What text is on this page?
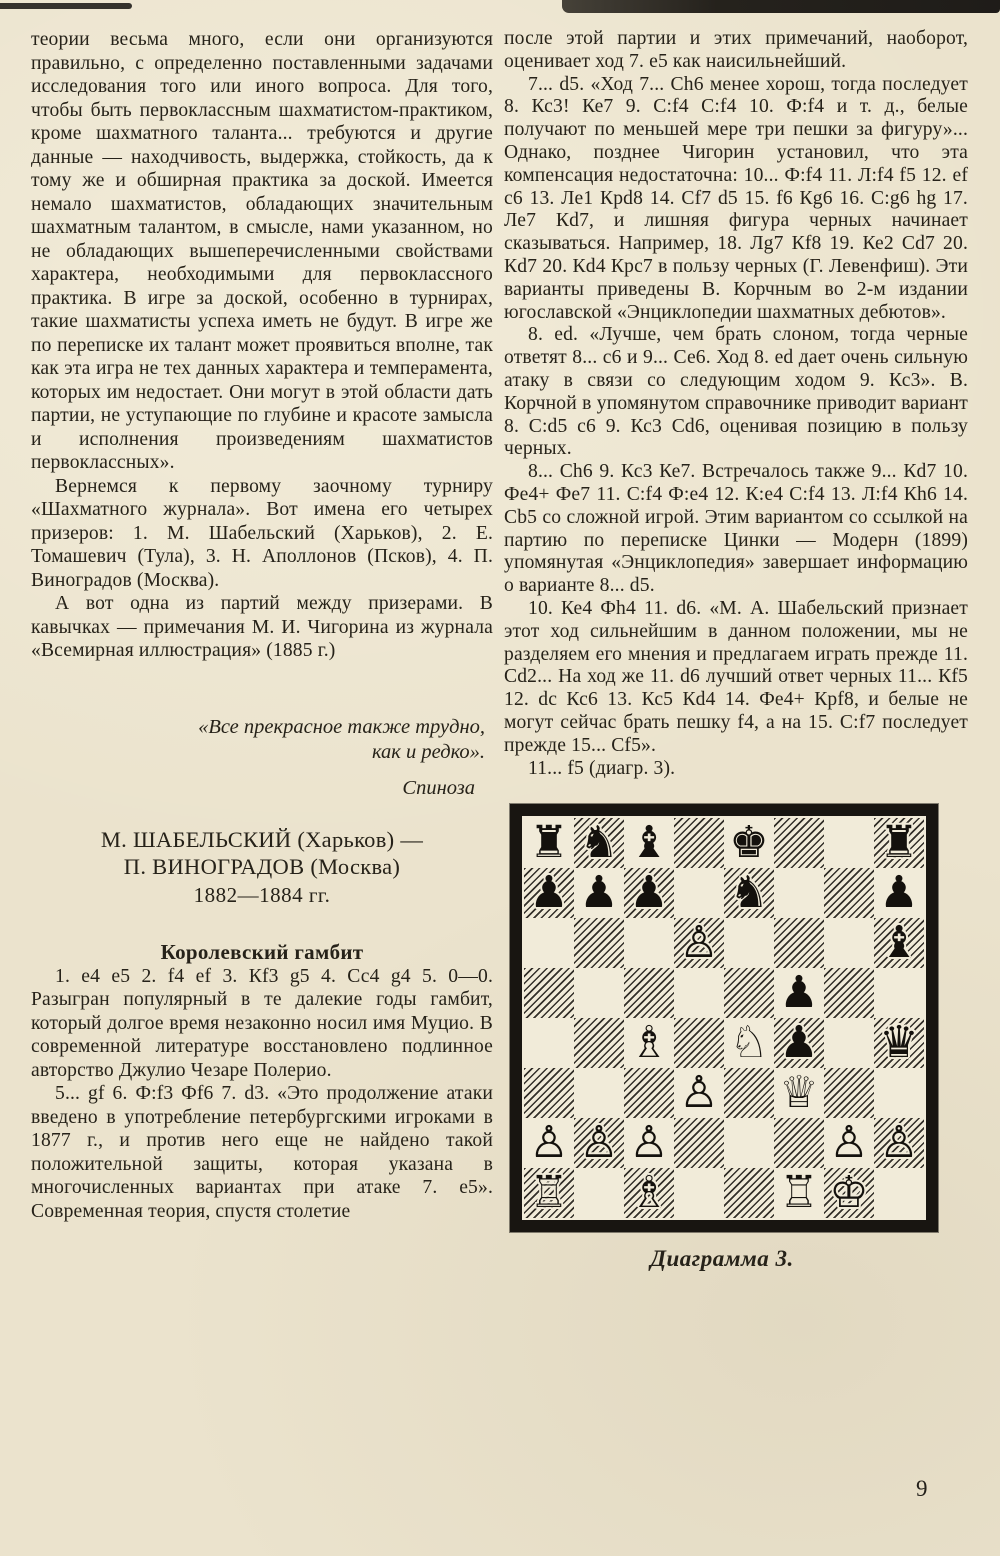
теории весьма много, если они организуются правильно, с определенно поставленными задачами исследования того или иного вопроса. Для того, чтобы быть первоклассным шахматистом-практиком, кроме шахматного таланта... требуются и другие данные — находчивость, выдержка, стойкость, да к тому же и обширная практика за доской. Имеется немало шахматистов, обладающих значительным шахматным талантом, в смысле, нами указанном, но не обладающих вышеперечисленными свойствами характера, необходимыми для первоклассного практика. В игре за доской, особенно в турнирах, такие шахматисты успеха иметь не будут. В игре же по переписке их талант может проявиться вполне, так как эта игра не тех данных характера и темперамента, которых им недостает. Они могут в этой области дать партии, не уступающие по глубине и красоте замысла и исполнения произведениям шахматистов первоклассных».

Вернемся к первому заочному турниру «Шахматного журнала». Вот имена его четырех призеров: 1. М. Шабельский (Харьков), 2. Е. Томашевич (Тула), 3. Н. Аполлонов (Псков), 4. П. Виноградов (Москва).

А вот одна из партий между призерами. В кавычках — примечания М. И. Чигорина из журнала «Всемирная иллюстрация» (1885 г.)

«Все прекрасное также трудно,
как и редко».
Спиноза
М. ШАБЕЛЬСКИЙ (Харьков) —
П. ВИНОГРАДОВ (Москва)
1882—1884 гг.
Королевский гамбит

1. е4 е5 2. f4 ef 3. Кf3 g5 4. Сс4 g4 5. 0—0. Разыгран популярный в те далекие годы гамбит, который долгое время незаконно носил имя Муцио. В современной литературе восстановлено подлинное авторство Джулио Чезаре Полерио.

5... gf 6. Ф:f3 Фf6 7. d3. «Это продолжение атаки введено в употребление петербургскими игроками в 1877 г., и против него еще не найдено такой положительной защиты, которая указана в многочисленных вариантах при атаке 7. е5». Современная теория, спустя столетие

после этой партии и этих примечаний, наоборот, оценивает ход 7. е5 как наисильнейший.

7... d5. «Ход 7... Сh6 менее хорош, тогда последует 8. Кс3! Ке7 9. С:f4 С:f4 10. Ф:f4 и т. д., белые получают по меньшей мере три пешки за фигуру»... Однако, позднее Чигорин установил, что эта компенсация недостаточна: 10... Ф:f4 11. Л:f4 f5 12. ef с6 13. Ле1 Крd8 14. Сf7 d5 15. f6 Кg6 16. С:g6 hg 17. Ле7 Кd7, и лишняя фигура черных начинает сказываться. Например, 18. Лg7 Кf8 19. Ке2 Сd7 20. Кd7 20. Кd4 Крс7 в пользу черных (Г. Левенфиш). Эти варианты приведены В. Корчным во 2-м издании югославской «Энциклопедии шахматных дебютов».

8. ed. «Лучше, чем брать слоном, тогда черные ответят 8... с6 и 9... Се6. Ход 8. ed дает очень сильную атаку в связи со следующим ходом 9. Кс3». В. Корчной в упомянутом справочнике приводит вариант 8. С:d5 с6 9. Кс3 Сd6, оценивая позицию в пользу черных.

8... Сh6 9. Кс3 Ке7. Встречалось также 9... Кd7 10. Фе4+ Фе7 11. С:f4 Ф:е4 12. К:е4 С:f4 13. Л:f4 Кh6 14. Сb5 со сложной игрой. Этим вариантом со ссылкой на партию по переписке Цинки — Модерн (1899) упомянутая «Энциклопедия» завершает информацию о варианте 8... d5.

10. Ке4 Фh4 11. d6. «М. А. Шабельский признает этот ход сильнейшим в данном положении, мы не разделяем его мнения и предлагаем играть прежде 11. Сd2... На ход же 11. d6 лучший ответ черных 11... Кf5 12. dc Кс6 13. Кс5 Кd4 14. Фе4+ Крf8, и белые не могут сейчас брать пешку f4, а на 15. С:f7 последует прежде 15... Сf5».

11... f5 (диагр. 3).

♜ ♞ ♝ ♚	♜
♟ ♟ ♟ ♞	♟
♙	♝
♟
♗ ♘ ♟ ♛
♙ ♕
♙ ♙ ♙	♙ ♙
♖ ♗	♖ ♔
Диаграмма 3.
9
